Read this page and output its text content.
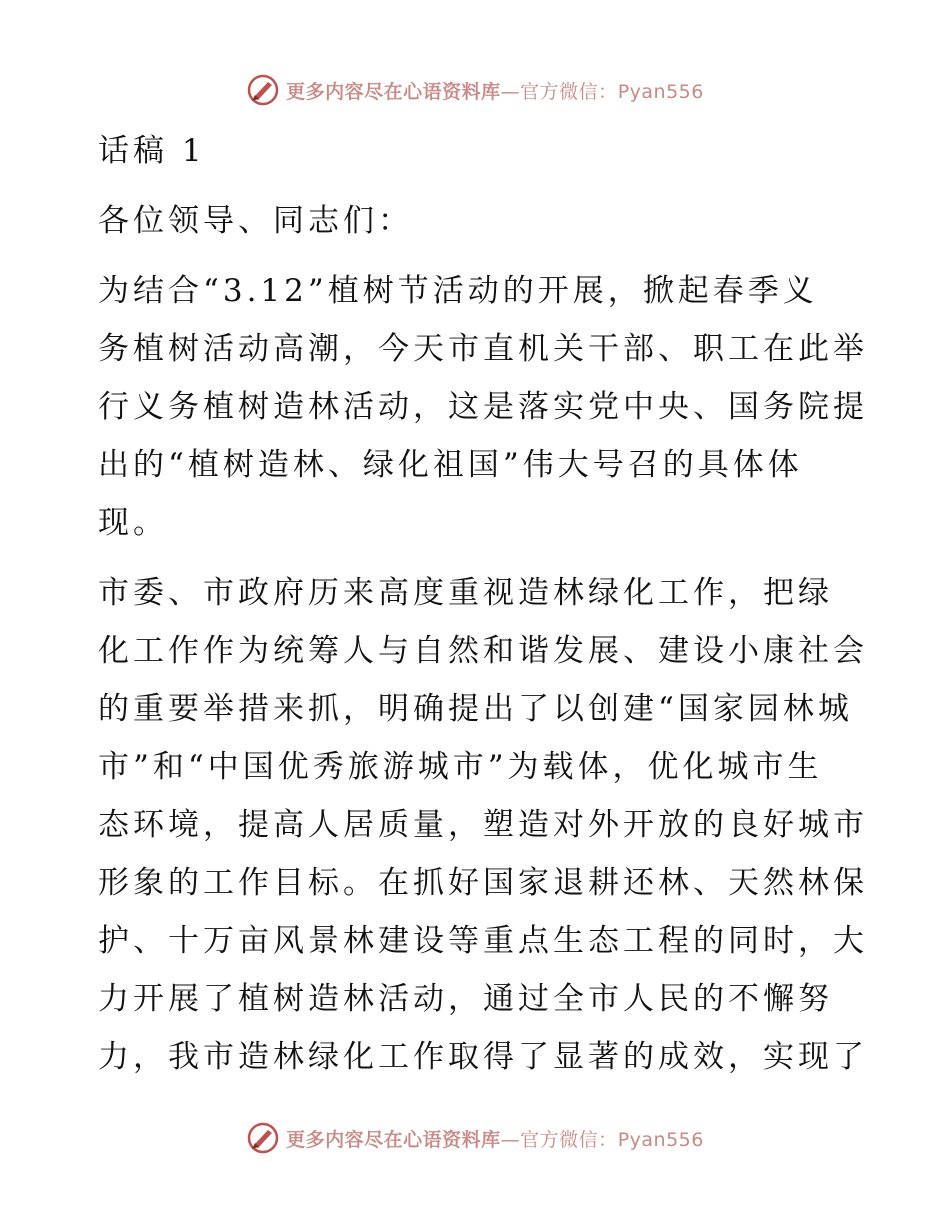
更多内容尽在心语资料库—官方微信：Pyan556
话稿 1
各位领导、同志们：
为结合“3.12”植树节活动的开展，掀起春季义
务植树活动高潮，今天市直机关干部、职工在此举
行义务植树造林活动，这是落实党中央、国务院提
出的“植树造林、绿化祖国”伟大号召的具体体
现。
市委、市政府历来高度重视造林绿化工作，把绿
化工作作为统筹人与自然和谐发展、建设小康社会
的重要举措来抓，明确提出了以创建“国家园林城
市”和“中国优秀旅游城市”为载体，优化城市生
态环境，提高人居质量，塑造对外开放的良好城市
形象的工作目标。在抓好国家退耕还林、天然林保
护、十万亩风景林建设等重点生态工程的同时，大
力开展了植树造林活动，通过全市人民的不懈努
力，我市造林绿化工作取得了显著的成效，实现了
更多内容尽在心语资料库—官方微信：Pyan556
